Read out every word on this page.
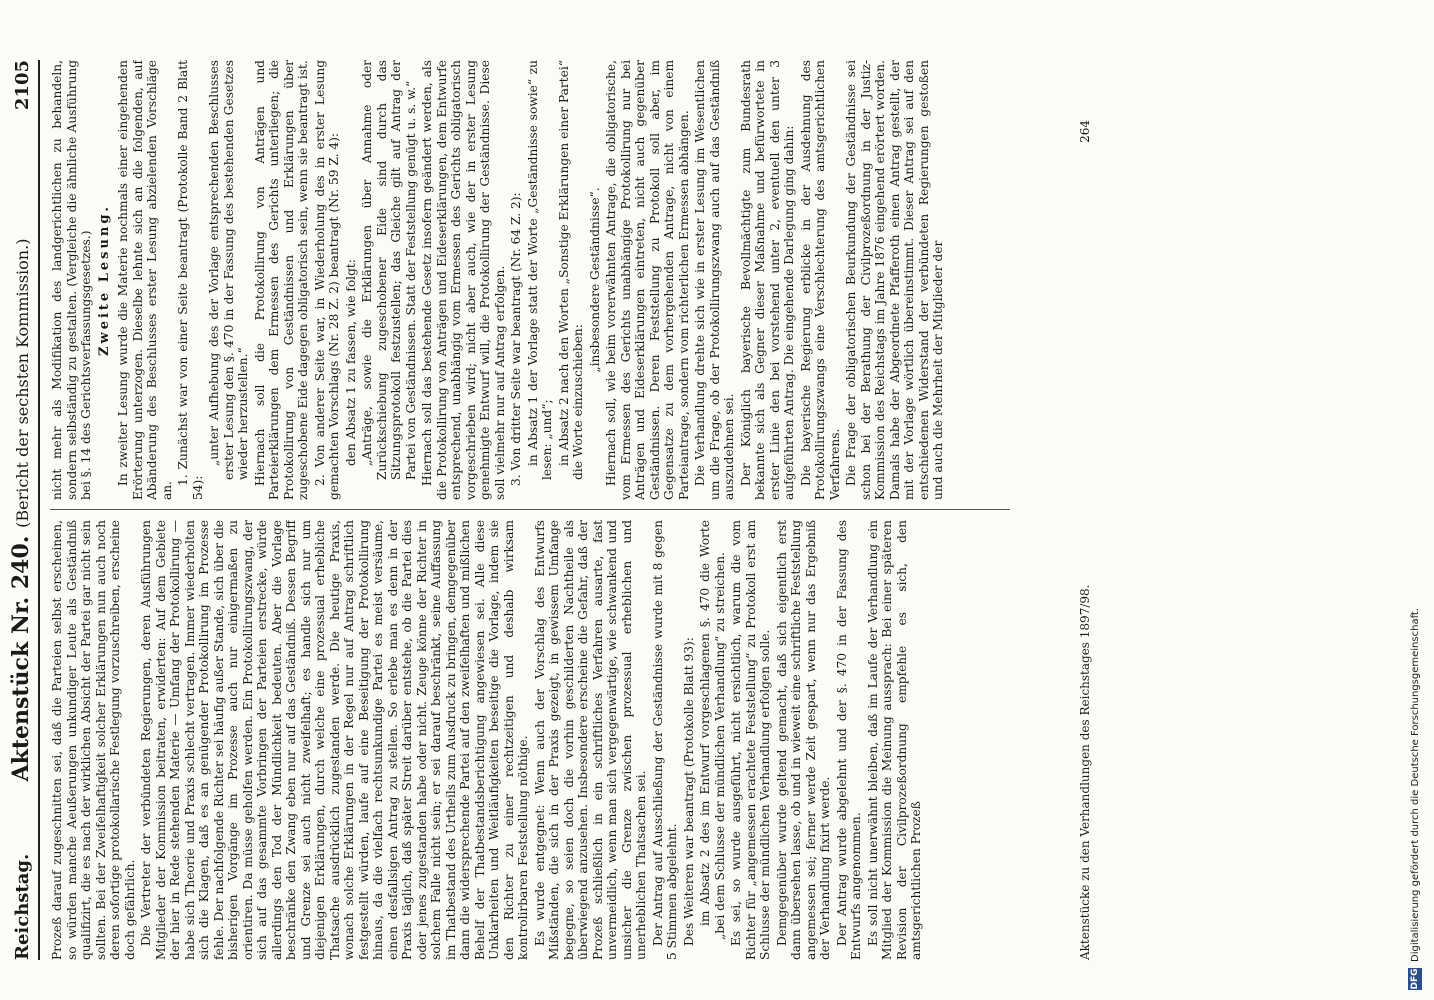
Reichstag.
Aktenstück Nr. 240. (Bericht der sechsten Kommission.)
2105

Prozeß darauf zugeschnitten sei, daß die Parteien selbst erscheinen, so würden manche Aeußerungen unkundiger Leute als Geständniß qualifizirt, die es nach der wirklichen Absicht der Partei gar nicht sein sollten. Bei der Zweifelhaftigkeit solcher Erklärungen nun auch noch deren sofortige protokollarische Festlegung vorzuschreiben, erscheine doch gefährlich. Die Vertreter der verbündeten Regierungen, deren Ausführungen Mitglieder der Kommission beitraten, erwiderten: Auf dem Gebiete der hier in Rede stehenden Materie — Umfang der Protokollirung — habe sich Theorie und Praxis schlecht vertragen. Immer wiederholten sich die Klagen, daß es an genügender Protokollirung im Prozesse fehle. Der nachfolgende Richter sei häufig außer Stande, sich über die bisherigen Vorgänge im Prozesse auch nur einigermaßen zu orientiren. Da müsse geholfen werden. Ein Protokollirungszwang, der sich auf das gesammte Vorbringen der Parteien erstrecke, würde allerdings den Tod der Mündlichkeit bedeuten. Aber die Vorlage beschränke den Zwang eben nur auf das Geständniß. Dessen Begriff und Grenze sei auch nicht zweifelhaft; es handle sich nur um diejenigen Erklärungen, durch welche eine prozessual erhebliche Thatsache ausdrücklich zugestanden werde. Die heutige Praxis, wonach solche Erklärungen in der Regel nur auf Antrag schriftlich festgestellt würden, laufe auf eine Beseitigung der Protokollirung hinaus, da die vielfach rechtsunkundige Partei es meist versäume, einen desfallsigen Antrag zu stellen. So erlebe man es denn in der Praxis täglich, daß später Streit darüber entstehe, ob die Partei dies oder jenes zugestanden habe oder nicht. Zeuge könne der Richter in solchem Falle nicht sein; er sei darauf beschränkt, seine Auffassung im Thatbestand des Urtheils zum Ausdruck zu bringen, demgegenüber dann die widersprechende Partei auf den zweifelhaften und mißlichen Behelf der Thatbestandsberichtigung angewiesen sei. Alle diese Unklarheiten und Weitläufigkeiten beseitige die Vorlage, indem sie den Richter zu einer rechtzeitigen und deshalb wirksam kontrolirbaren Feststellung nöthige. Es wurde entgegnet: Wenn auch der Vorschlag des Entwurfs Mißständen, die sich in der Praxis gezeigt, in gewissem Umfange begegne, so seien doch die vorhin geschilderten Nachtheile als überwiegend anzusehen. Insbesondere erscheine die Gefahr, daß der Prozeß schließlich in ein schriftliches Verfahren ausarte, fast unvermeidlich, wenn man sich vergegenwärtige, wie schwankend und unsicher die Grenze zwischen prozessual erheblichen und unerheblichen Thatsachen sei. Der Antrag auf Ausschließung der Geständnisse wurde mit 8 gegen 5 Stimmen abgelehnt. Des Weiteren war beantragt (Protokolle Blatt 93): im Absatz 2 des im Entwurf vorgeschlagenen §. 470 die Worte „bei dem Schlusse der mündlichen Verhandlung“ zu streichen. Es sei, so wurde ausgeführt, nicht ersichtlich, warum die vom Richter für „angemessen erachtete Feststellung“ zu Protokoll erst am Schlusse der mündlichen Verhandlung erfolgen solle. Demgegenüber wurde geltend gemacht, daß sich eigentlich erst dann übersehen lasse, ob und in wieweit eine schriftliche Feststellung angemessen sei; ferner werde Zeit gespart, wenn nur das Ergebniß der Verhandlung fixirt werde. Der Antrag wurde abgelehnt und der §. 470 in der Fassung des Entwurfs angenommen. Es soll nicht unerwähnt bleiben, daß im Laufe der Verhandlung ein Mitglied der Kommission die Meinung aussprach: Bei einer späteren Revision der Civilprozeßordnung empfehle es sich, den amtsgerichtlichen Prozeß

nicht mehr als Modifikation des landgerichtlichen zu behandeln, sondern selbständig zu gestalten. (Vergleiche die ähnliche Ausführung bei §. 14 des Gerichtsverfassungsgesetzes.) Zweite Lesung. In zweiter Lesung wurde die Materie nochmals einer eingehenden Erörterung unterzogen. Dieselbe lehnte sich an die folgenden, auf Abänderung des Beschlusses erster Lesung abzielenden Vorschläge an.

1. Zunächst war von einer Seite beantragt (Protokolle Band 2 Blatt 54):

„unter Aufhebung des der Vorlage entsprechenden Beschlusses erster Lesung den §. 470 in der Fassung des bestehenden Gesetzes wieder herzustellen.“ Hiernach soll die Protokollirung von Anträgen und Parteierklärungen dem Ermessen des Gerichts unterliegen; die Protokollirung von Geständnissen und Erklärungen über zugeschobene Eide dagegen obligatorisch sein, wenn sie beantragt ist. 2. Von anderer Seite war, in Wiederholung des in erster Lesung gemachten Vorschlags (Nr. 28 Z. 2) beantragt (Nr. 59 Z. 4): den Absatz 1 zu fassen, wie folgt: „Anträge, sowie die Erklärungen über Annahme oder Zurückschiebung zugeschobener Eide sind durch das Sitzungsprotokoll festzustellen; das Gleiche gilt auf Antrag der Partei von Geständnissen. Statt der Feststellung genügt u. s. w.“ Hiernach soll das bestehende Gesetz insofern geändert werden, als die Protokollirung von Anträgen und Eideserklärungen, dem Entwurfe entsprechend, unabhängig vom Ermessen des Gerichts obligatorisch vorgeschrieben wird; nicht aber auch, wie der in erster Lesung genehmigte Entwurf will, die Protokollirung der Geständnisse. Diese soll vielmehr nur auf Antrag erfolgen. 3. Von dritter Seite war beantragt (Nr. 64 Z. 2): in Absatz 1 der Vorlage statt der Worte „Geständnisse sowie“ zu lesen: „und“; in Absatz 2 nach den Worten „Sonstige Erklärungen einer Partei“ die Worte einzuschieben:

„insbesondere Geständnisse“. Hiernach soll, wie beim vorerwähnten Antrage, die obligatorische, vom Ermessen des Gerichts unabhängige Protokollirung nur bei Anträgen und Eideserklärungen eintreten, nicht auch gegenüber Geständnissen. Deren Feststellung zu Protokoll soll aber, im Gegensatze zu dem vorhergehenden Antrage, nicht von einem Parteiantrage, sondern vom richterlichen Ermessen abhängen. Die Verhandlung drehte sich wie in erster Lesung im Wesentlichen um die Frage, ob der Protokollirungszwang auch auf das Geständniß auszudehnen sei. Der Königlich bayerische Bevollmächtigte zum Bundesrath bekannte sich als Gegner dieser Maßnahme und befürwortete in erster Linie den bei vorstehend unter 2, eventuell den unter 3 aufgeführten Antrag. Die eingehende Darlegung ging dahin: Die bayerische Regierung erblicke in der Ausdehnung des Protokollirungszwangs eine Verschlechterung des amtsgerichtlichen Verfahrens. Die Frage der obligatorischen Beurkundung der Geständnisse sei schon bei der Berathung der Civilprozeßordnung in der Justiz-Kommission des Reichstags im Jahre 1876 eingehend erörtert worden. Damals habe der Abgeordnete Pfafferoth einen Antrag gestellt, der mit der Vorlage wörtlich übereinstimmt. Dieser Antrag sei auf den entschiedenen Widerstand der verbündeten Regierungen gestoßen und auch die Mehrheit der Mitglieder der

Aktenstücke zu den Verhandlungen des Reichstages 1897/98.
264
DFG
Digitalisierung gefördert durch die Deutsche Forschungsgemeinschaft.
